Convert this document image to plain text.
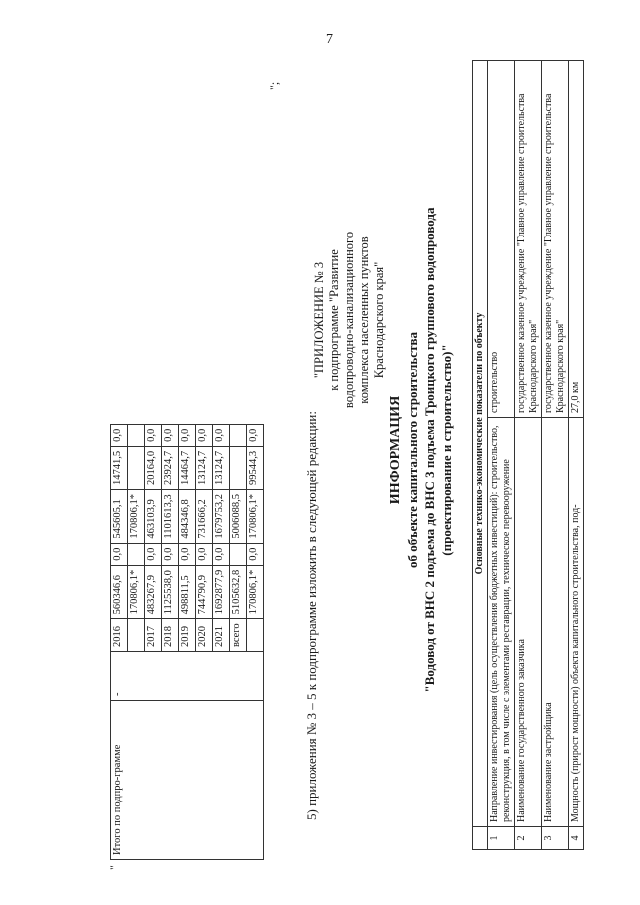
7
"
";
Итого по подпро-грамме	-	2016	560346,6	0,0	545605,1	14741,5	0,0
			170806,1*		170806,1*		
		2017	483267,9	0,0	463103,9	20164,0	0,0
		2018	1125538,0	0,0	1101613,3	23924,7	0,0
		2019	498811,5	0,0	484346,8	14464,7	0,0
		2020	744790,9	0,0	731666,2	13124,7	0,0
		2021	1692877,9	0,0	1679753,2	13124,7	0,0
		всего	5105632,8		5006088,5		
			170806,1*	0,0	170806,1*	99544,3	0,0	5) приложения № 3 – 5 к подпрограмме изложить в следующей редакции:
"ПРИЛОЖЕНИЕ № 3 к подпрограмме "Развитие водопроводно-канализационного комплекса населенных пунктов Краснодарского края"
ИНФОРМАЦИЯ об объекте капитального строительства "Водовод от ВНС 2 подъема до ВНС 3 подъема Троицкого группового водопровода (проектирование и строительство)"
	Основные технико-экономические показатели по объекту	
1	Направление инвестирования (цель осуществления бюджетных инвестиций): строительство, реконструкция, в том числе с элементами реставрации, техническое перевооружение	строительство
2	Наименование государственного заказчика	государственное казенное учреждение "Главное управление строительства Краснодарского края"
3	Наименование застройщика	государственное казенное учреждение "Главное управление строительства Краснодарского края"
4	Мощность (прирост мощности) объекта капитального строительства, под-	27,0 км
